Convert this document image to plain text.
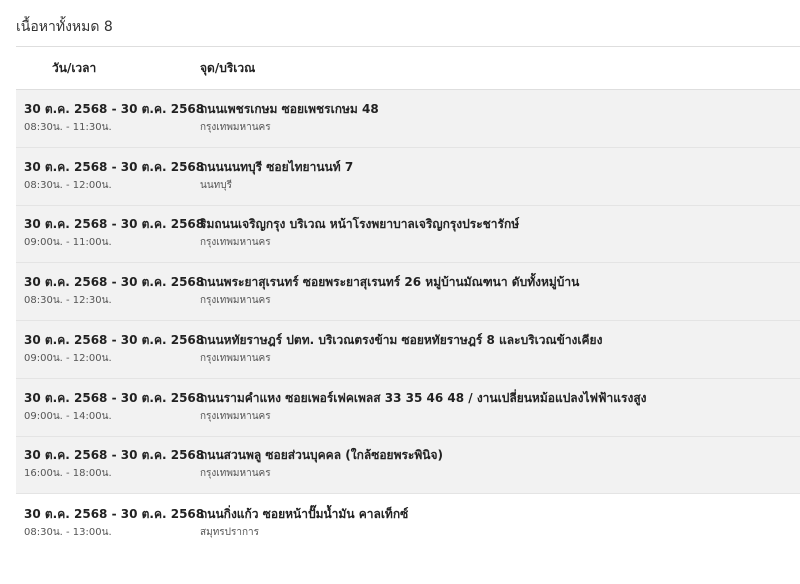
เนื้อหาทั้งหมด 8
วัน/เวลา	จุด/บริเวณ
30 ต.ค. 2568 - 30 ต.ค. 2568
08:30น. - 11:30น.
ถนนเพชรเกษม ซอยเพชรเกษม 48
กรุงเทพมหานคร
30 ต.ค. 2568 - 30 ต.ค. 2568
08:30น. - 12:00น.
ถนนนนทบุรี ซอยไทยานนท์ 7
นนทบุรี
30 ต.ค. 2568 - 30 ต.ค. 2568
09:00น. - 11:00น.
ริมถนนเจริญกรุง บริเวณ หน้าโรงพยาบาลเจริญกรุงประชารักษ์
กรุงเทพมหานคร
30 ต.ค. 2568 - 30 ต.ค. 2568
08:30น. - 12:30น.
ถนนพระยาสุเรนทร์ ซอยพระยาสุเรนทร์ 26 หมู่บ้านมัณฑนา ดับทั้งหมู่บ้าน
กรุงเทพมหานคร
30 ต.ค. 2568 - 30 ต.ค. 2568
09:00น. - 12:00น.
ถนนหทัยราษฎร์ ปตท. บริเวณตรงข้าม ซอยหทัยราษฎร์ 8 และบริเวณข้างเคียง
กรุงเทพมหานคร
30 ต.ค. 2568 - 30 ต.ค. 2568
09:00น. - 14:00น.
ถนนรามคำแหง ซอยเพอร์เฟคเพลส 33 35 46 48 / งานเปลี่ยนหม้อแปลงไฟฟ้าแรงสูง
กรุงเทพมหานคร
30 ต.ค. 2568 - 30 ต.ค. 2568
16:00น. - 18:00น.
ถนนสวนพลู ซอยส่วนบุคคล (ใกล้ซอยพระพินิจ)
กรุงเทพมหานคร
30 ต.ค. 2568 - 30 ต.ค. 2568
08:30น. - 13:00น.
ถนนกิ่งแก้ว ซอยหน้าปั๊มน้ำมัน คาลเท็กซ์
สมุทรปราการ
